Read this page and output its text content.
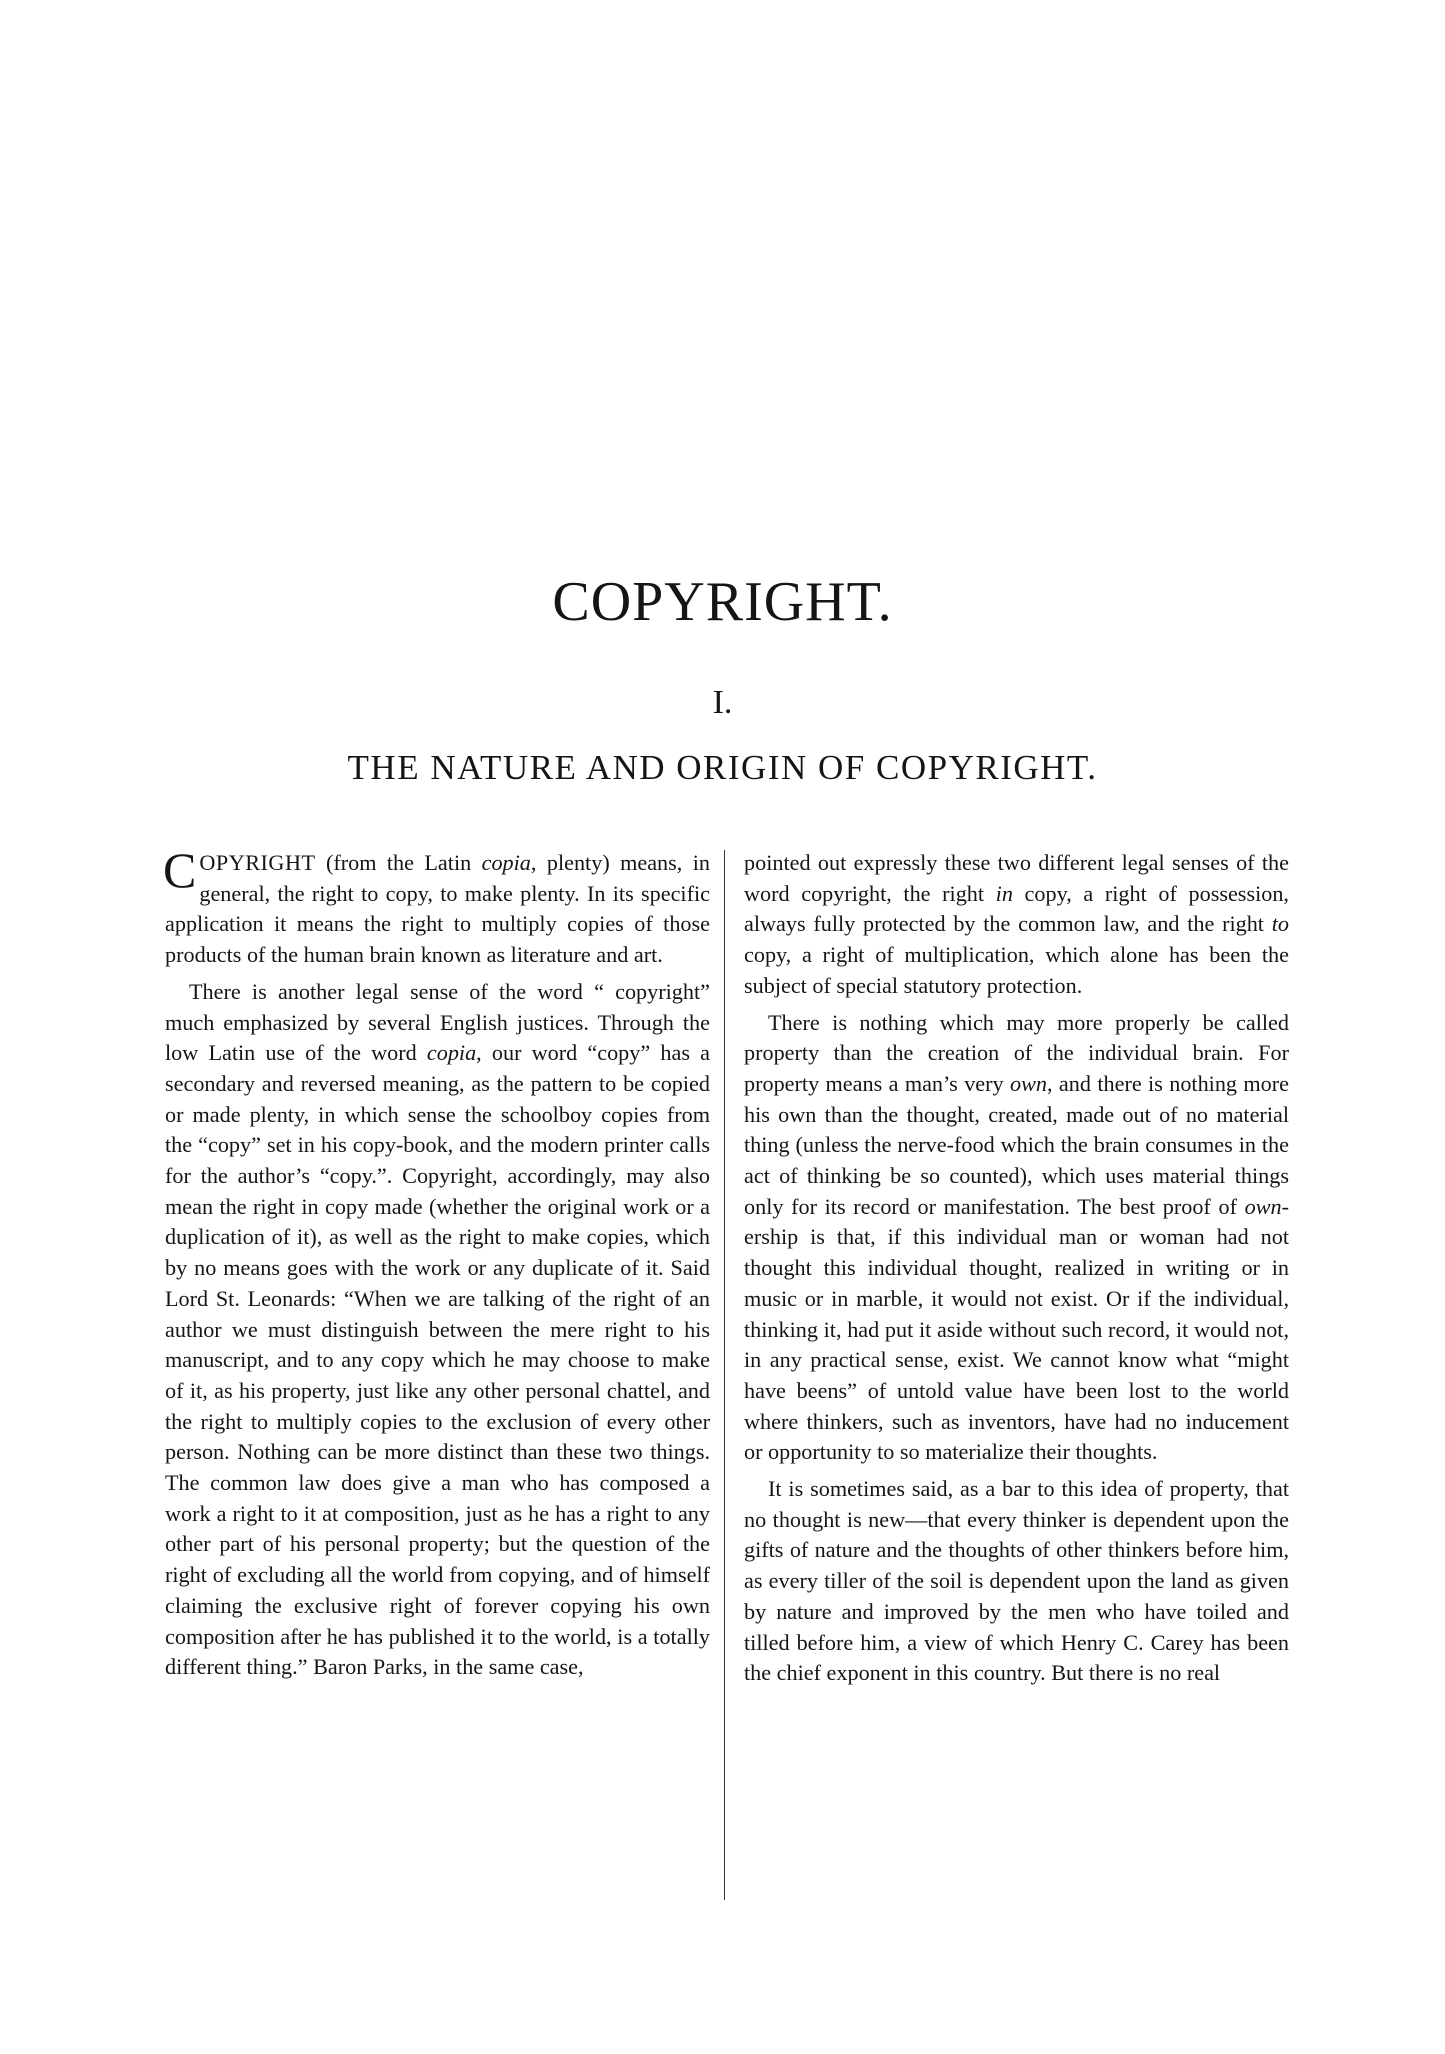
COPYRIGHT.
I.
THE NATURE AND ORIGIN OF COPYRIGHT.

COPYRIGHT (from the Latin copia, plenty) means, in general, the right to copy, to make plenty. In its specific application it means the right to multiply copies of those products of the human brain known as literature and art.

There is another legal sense of the word “ copyright” much emphasized by several English justices. Through the low Latin use of the word copia, our word “copy” has a secondary and reversed meaning, as the pattern to be copied or made plenty, in which sense the schoolboy copies from the “copy” set in his copy-book, and the modern printer calls for the author’s “copy.”. Copyright, accordingly, may also mean the right in copy made (whether the original work or a duplication of it), as well as the right to make copies, which by no means goes with the work or any duplicate of it. Said Lord St. Leonards: “When we are talking of the right of an author we must distinguish between the mere right to his manuscript, and to any copy which he may choose to make of it, as his property, just like any other personal chattel, and the right to multiply copies to the exclusion of every other person. Nothing can be more distinct than these two things. The common law does give a man who has composed a work a right to it at composition, just as he has a right to any other part of his personal property; but the question of the right of excluding all the world from copying, and of himself claiming the exclusive right of forever copying his own composition after he has published it to the world, is a totally different thing.” Baron Parks, in the same case,

pointed out expressly these two different legal senses of the word copyright, the right in copy, a right of possession, always fully protected by the common law, and the right to copy, a right of multiplication, which alone has been the subject of special statutory protection.

There is nothing which may more properly be called property than the creation of the individual brain. For property means a man’s very own, and there is nothing more his own than the thought, created, made out of no material thing (unless the nerve-food which the brain consumes in the act of thinking be so counted), which uses material things only for its record or manifestation. The best proof of own-ership is that, if this individual man or woman had not thought this individual thought, realized in writing or in music or in marble, it would not exist. Or if the individual, thinking it, had put it aside without such record, it would not, in any practical sense, exist. We cannot know what “might have beens” of untold value have been lost to the world where thinkers, such as inventors, have had no inducement or opportunity to so materialize their thoughts.

It is sometimes said, as a bar to this idea of property, that no thought is new—that every thinker is dependent upon the gifts of nature and the thoughts of other thinkers before him, as every tiller of the soil is dependent upon the land as given by nature and improved by the men who have toiled and tilled before him, a view of which Henry C. Carey has been the chief exponent in this country. But there is no real
